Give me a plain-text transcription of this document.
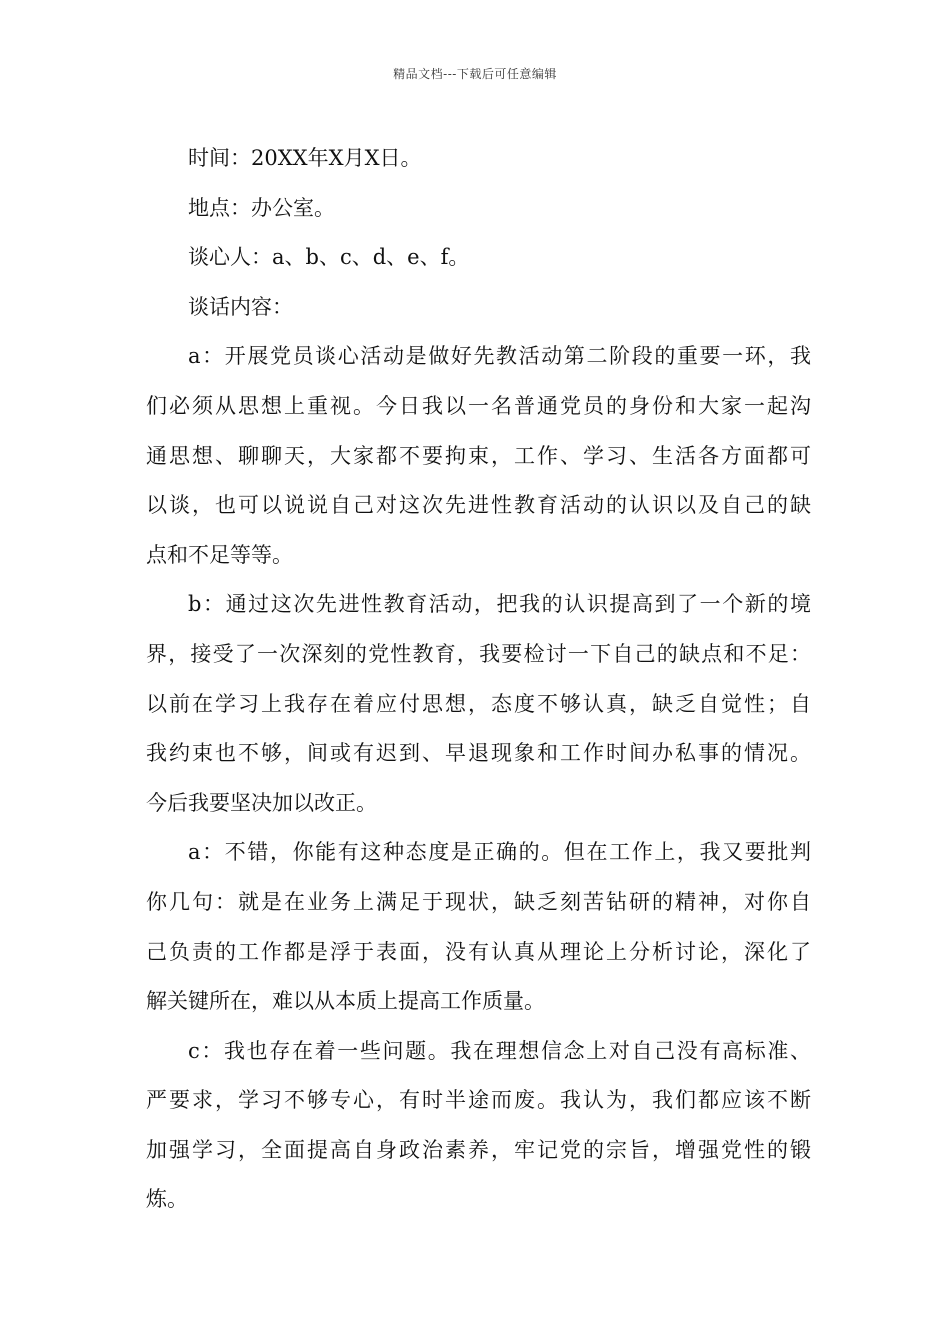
精品文档---下载后可任意编辑
时间：20XX年X月X日。
地点：办公室。
谈心人：a、b、c、d、e、f。
谈话内容：
a：开展党员谈心活动是做好先教活动第二阶段的重要一环，我
们必须从思想上重视。今日我以一名普通党员的身份和大家一起沟
通思想、聊聊天，大家都不要拘束，工作、学习、生活各方面都可
以谈，也可以说说自己对这次先进性教育活动的认识以及自己的缺
点和不足等等。
b：通过这次先进性教育活动，把我的认识提高到了一个新的境
界，接受了一次深刻的党性教育，我要检讨一下自己的缺点和不足：
以前在学习上我存在着应付思想，态度不够认真，缺乏自觉性；自
我约束也不够，间或有迟到、早退现象和工作时间办私事的情况。
今后我要坚决加以改正。
a：不错，你能有这种态度是正确的。但在工作上，我又要批判
你几句：就是在业务上满足于现状，缺乏刻苦钻研的精神，对你自
己负责的工作都是浮于表面，没有认真从理论上分析讨论，深化了
解关键所在，难以从本质上提高工作质量。
c：我也存在着一些问题。我在理想信念上对自己没有高标准、
严要求，学习不够专心，有时半途而废。我认为，我们都应该不断
加强学习，全面提高自身政治素养，牢记党的宗旨，增强党性的锻
炼。
